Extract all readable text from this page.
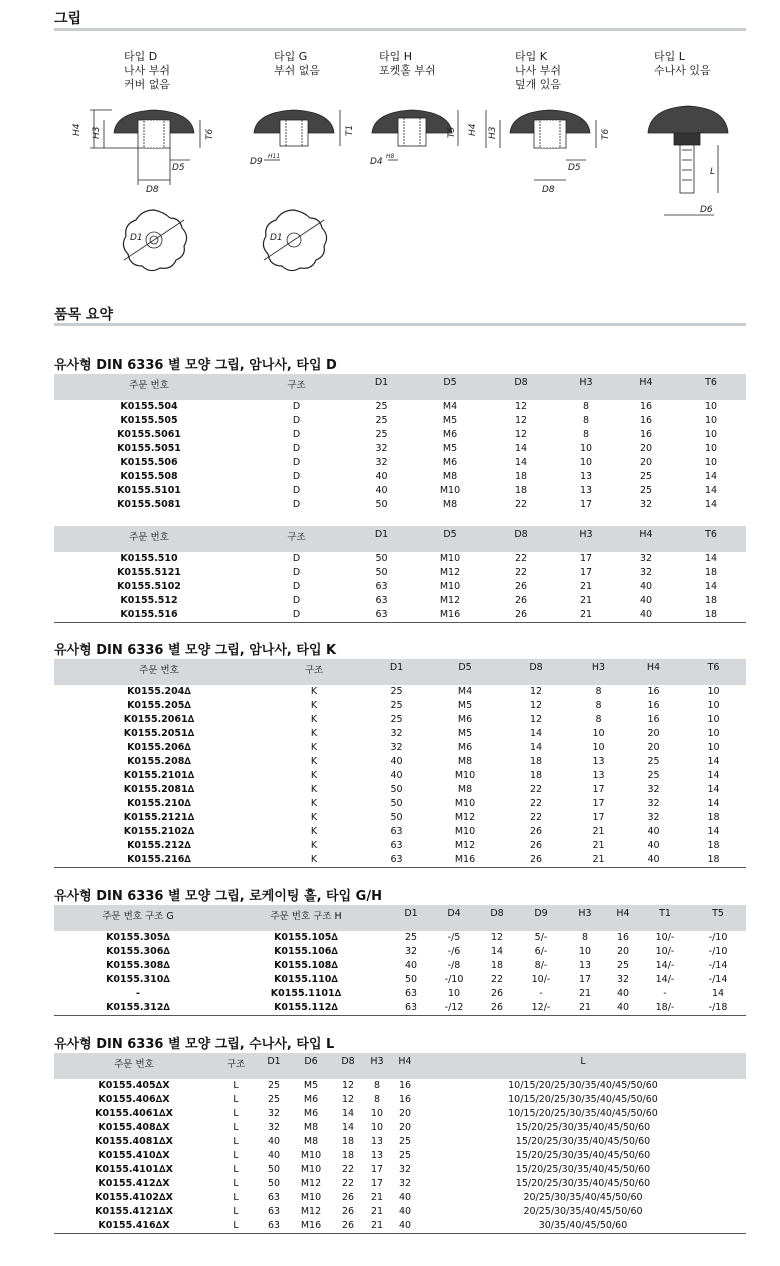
그립
타입 D
나사 부쉬
커버 없음
타입 G
부쉬 없음
타입 H
포켓홀 부쉬
타입 K
나사 부쉬
덮개 있음
타입 L
수나사 있음
H4 H3	T6
D5
D8
D1
D9
H11
T1
D1
D4
H8
T5 H4 H3	T6
D5
D8
L
D6
품목 요약
유사형 DIN 6336 별 모양 그립, 암나사, 타입 D
주문 번호	구조	D1	D5	D8	H3	H4	T6
K0155.504	D	25	M4	12	8	16	10
K0155.505	D	25	M5	12	8	16	10
K0155.5061	D	25	M6	12	8	16	10
K0155.5051	D	32	M5	14	10	20	10
K0155.506	D	32	M6	14	10	20	10
K0155.508	D	40	M8	18	13	25	14
K0155.5101	D	40	M10	18	13	25	14
K0155.5081	D	50	M8	22	17	32	14
주문 번호	구조	D1	D5	D8	H3	H4	T6
K0155.510	D	50	M10	22	17	32	14
K0155.5121	D	50	M12	22	17	32	18
K0155.5102	D	63	M10	26	21	40	14
K0155.512	D	63	M12	26	21	40	18
K0155.516	D	63	M16	26	21	40	18
유사형 DIN 6336 별 모양 그립, 암나사, 타입 K
주문 번호	구조	D1	D5	D8	H3	H4	T6
K0155.204∆	K	25	M4	12	8	16	10
K0155.205∆	K	25	M5	12	8	16	10
K0155.2061∆	K	25	M6	12	8	16	10
K0155.2051∆	K	32	M5	14	10	20	10
K0155.206∆	K	32	M6	14	10	20	10
K0155.208∆	K	40	M8	18	13	25	14
K0155.2101∆	K	40	M10	18	13	25	14
K0155.2081∆	K	50	M8	22	17	32	14
K0155.210∆	K	50	M10	22	17	32	14
K0155.2121∆	K	50	M12	22	17	32	18
K0155.2102∆	K	63	M10	26	21	40	14
K0155.212∆	K	63	M12	26	21	40	18
K0155.216∆	K	63	M16	26	21	40	18
유사형 DIN 6336 별 모양 그립, 로케이팅 홀, 타입 G/H
주문 번호 구조 G	주문 번호 구조 H	D1	D4	D8	D9	H3	H4	T1	T5
K0155.305∆	K0155.105∆	25	-/5	12	5/-	8	16	10/-	-/10
K0155.306∆	K0155.106∆	32	-/6	14	6/-	10	20	10/-	-/10
K0155.308∆	K0155.108∆	40	-/8	18	8/-	13	25	14/-	-/14
K0155.310∆	K0155.110∆	50	-/10	22	10/-	17	32	14/-	-/14
-	K0155.1101∆	63	10	26	-	21	40	-	14
K0155.312∆	K0155.112∆	63	-/12	26	12/-	21	40	18/-	-/18
유사형 DIN 6336 별 모양 그립, 수나사, 타입 L
주문 번호	구조	D1	D6	D8	H3	H4	L
K0155.405∆X	L	25	M5	12	8	16	10/15/20/25/30/35/40/45/50/60
K0155.406∆X	L	25	M6	12	8	16	10/15/20/25/30/35/40/45/50/60
K0155.4061∆X	L	32	M6	14	10	20	10/15/20/25/30/35/40/45/50/60
K0155.408∆X	L	32	M8	14	10	20	15/20/25/30/35/40/45/50/60
K0155.4081∆X	L	40	M8	18	13	25	15/20/25/30/35/40/45/50/60
K0155.410∆X	L	40	M10	18	13	25	15/20/25/30/35/40/45/50/60
K0155.4101∆X	L	50	M10	22	17	32	15/20/25/30/35/40/45/50/60
K0155.412∆X	L	50	M12	22	17	32	15/20/25/30/35/40/45/50/60
K0155.4102∆X	L	63	M10	26	21	40	20/25/30/35/40/45/50/60
K0155.4121∆X	L	63	M12	26	21	40	20/25/30/35/40/45/50/60
K0155.416∆X	L	63	M16	26	21	40	30/35/40/45/50/60
